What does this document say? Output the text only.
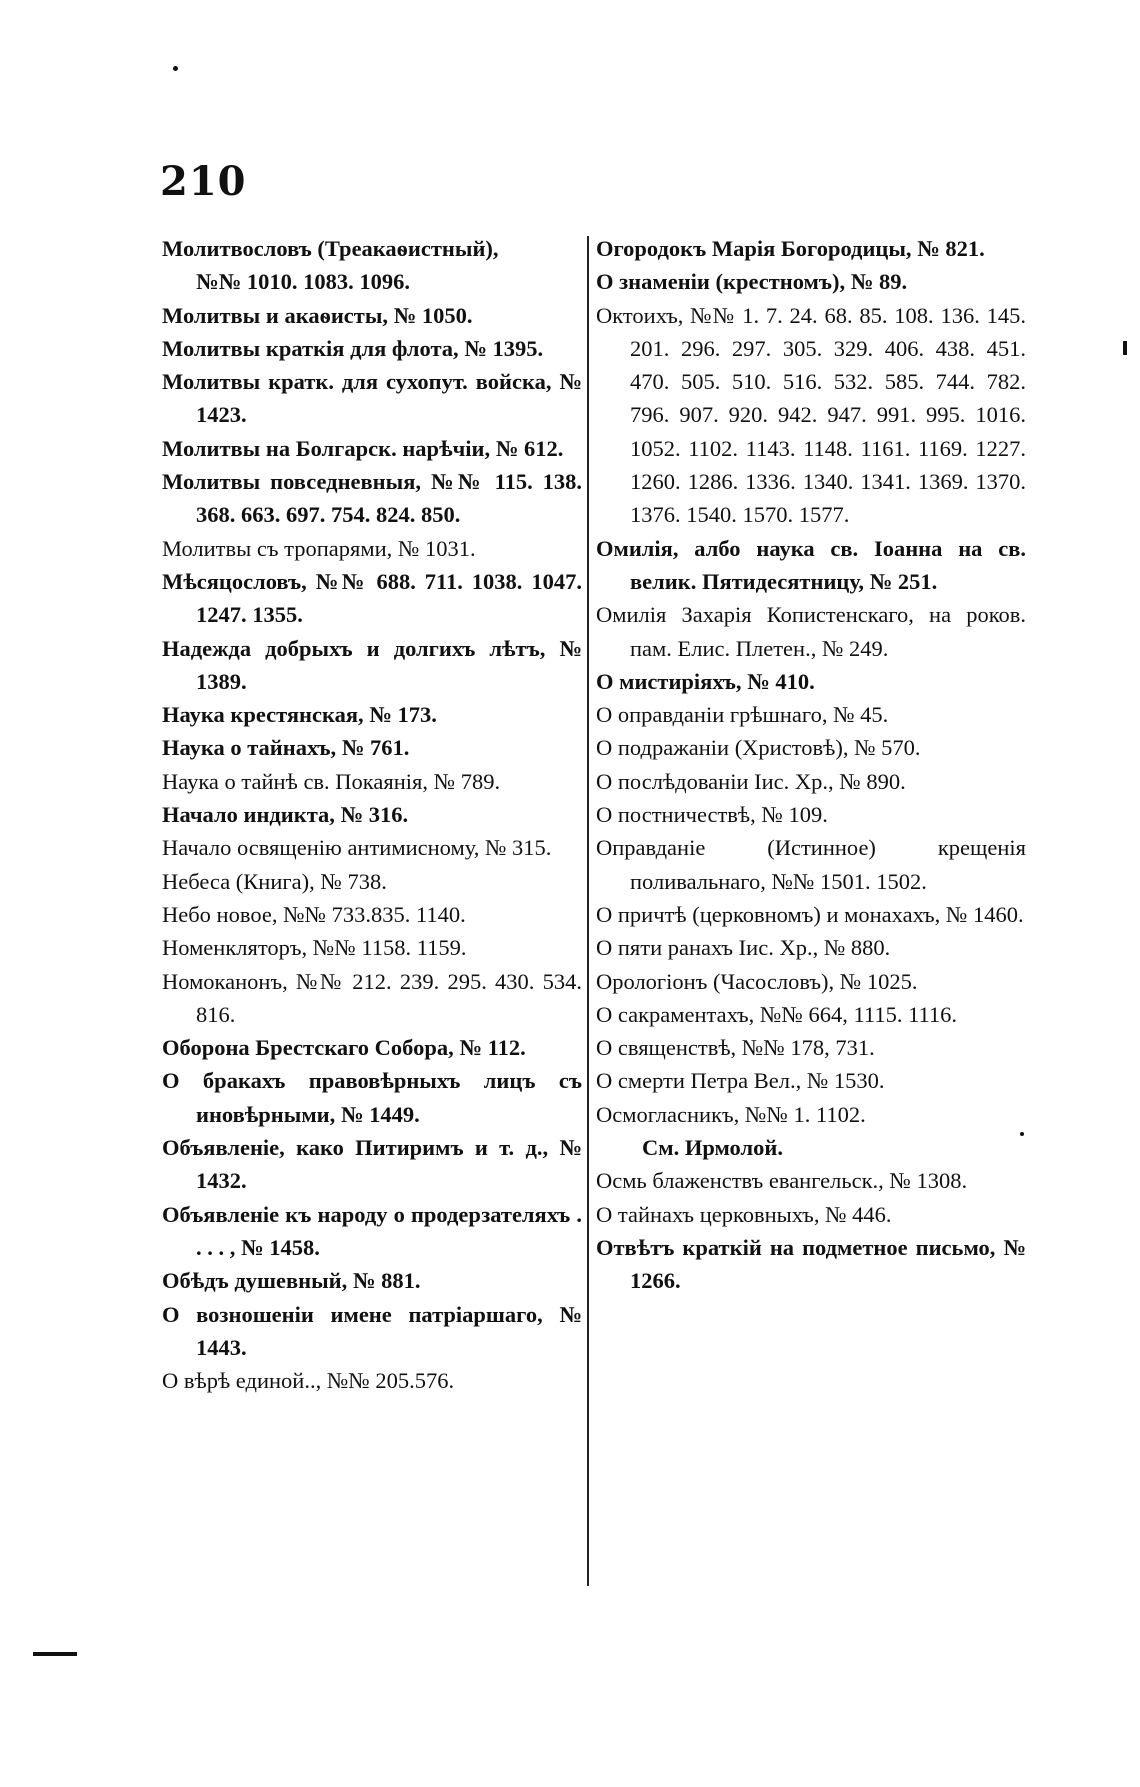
210
Молитвословъ (Треакаѳистный),
№№ 1010. 1083. 1096.
Молитвы и акаѳисты, № 1050.
Молитвы краткія для флота, № 1395.
Молитвы кратк. для сухопут. войска, № 1423.
Молитвы на Болгарск. нарѣчіи, № 612.
Молитвы повседневныя, №№ 115. 138. 368. 663. 697. 754. 824. 850.
Молитвы съ тропарями, № 1031.
Мѣсяцословъ, №№ 688. 711. 1038. 1047. 1247. 1355.
Надежда добрыхъ и долгихъ лѣтъ, № 1389.
Наука крестянская, № 173.
Наука о тайнахъ, № 761.
Наука о тайнѣ св. Покаянія, № 789.
Начало индикта, № 316.
Начало освященію антимисному, № 315.
Небеса (Книга), № 738.
Небо новое, №№ 733.835. 1140.
Номенкляторъ, №№ 1158. 1159.
Номоканонъ, №№ 212. 239. 295. 430. 534. 816.
Оборона Брестскаго Собора, № 112.
О бракахъ правовѣрныхъ лицъ съ иновѣрными, № 1449.
Объявленіе, како Питиримъ и т. д., № 1432.
Объявленіе къ народу о продерзателяхъ . . . . , № 1458.
Обѣдъ душевный, № 881.
О возношеніи имене патріаршаго, № 1443.
О вѣрѣ единой.., №№ 205.576.
Огородокъ Марія Богородицы, № 821.
О знаменіи (крестномъ), № 89.
Октоихъ, №№ 1. 7. 24. 68. 85. 108. 136. 145. 201. 296. 297. 305. 329. 406. 438. 451. 470. 505. 510. 516. 532. 585. 744. 782. 796. 907. 920. 942. 947. 991. 995. 1016. 1052. 1102. 1143. 1148. 1161. 1169. 1227. 1260. 1286. 1336. 1340. 1341. 1369. 1370. 1376. 1540. 1570. 1577.
Омилія, албо наука св. Іоанна на св. велик. Пятидесятницу, № 251.
Омилія Захарія Копистенскаго, на роков. пам. Елис. Плетен., № 249.
О мистиріяхъ, № 410.
О оправданіи грѣшнаго, № 45.
О подражаніи (Христовѣ), № 570.
О послѣдованіи Іис. Хр., № 890.
О постничествѣ, № 109.
Оправданіе (Истинное) крещенія поливальнаго, №№ 1501. 1502.
О причтѣ (церковномъ) и монахахъ, № 1460.
О пяти ранахъ Іис. Хр., № 880.
Орологіонъ (Часословъ), № 1025.
О сакраментахъ, №№ 664, 1115. 1116.
О священствѣ, №№ 178, 731.
О смерти Петра Вел., № 1530.
Осмогласникъ, №№ 1. 1102.
См. Ирмолой.
Осмь блаженствъ евангельск., № 1308.
О тайнахъ церковныхъ, № 446.
Отвѣтъ краткій на подметное письмо, № 1266.
